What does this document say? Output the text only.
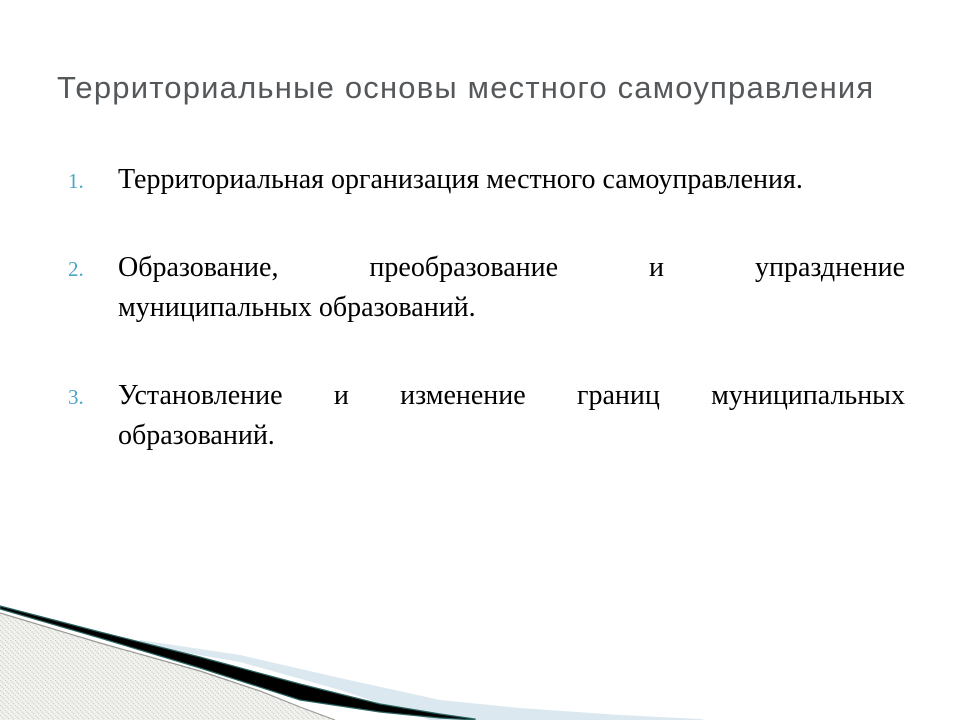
Территориальные основы местного самоуправления
1.	Территориальная организация местного самоуправления.
2.	Образование, преобразование и упразднение
муниципальных образований.
3.	Установление и изменение границ муниципальных
образований.
